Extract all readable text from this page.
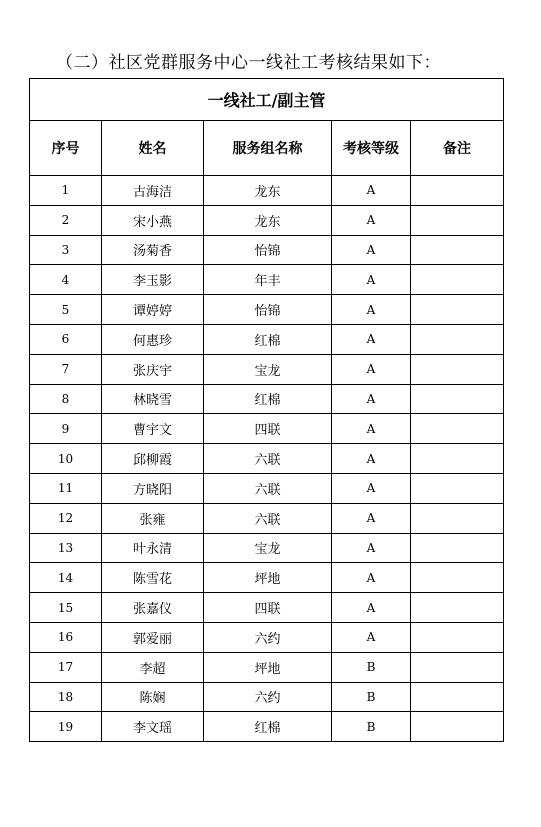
（二）社区党群服务中心一线社工考核结果如下：
一线社工/副主管				
序号	姓名	服务组名称	考核等级	备注
1	古海洁	龙东	A	
2	宋小燕	龙东	A	
3	汤菊香	怡锦	A	
4	李玉影	年丰	A	
5	谭婷婷	怡锦	A	
6	何惠珍	红棉	A	
7	张庆宇	宝龙	A	
8	林晓雪	红棉	A	
9	曹宇文	四联	A	
10	邱柳霞	六联	A	
11	方晓阳	六联	A	
12	张雍	六联	A	
13	叶永清	宝龙	A	
14	陈雪花	坪地	A	
15	张嘉仪	四联	A	
16	郭爱丽	六约	A	
17	李超	坪地	B	
18	陈娴	六约	B	
19	李文瑶	红棉	B	
